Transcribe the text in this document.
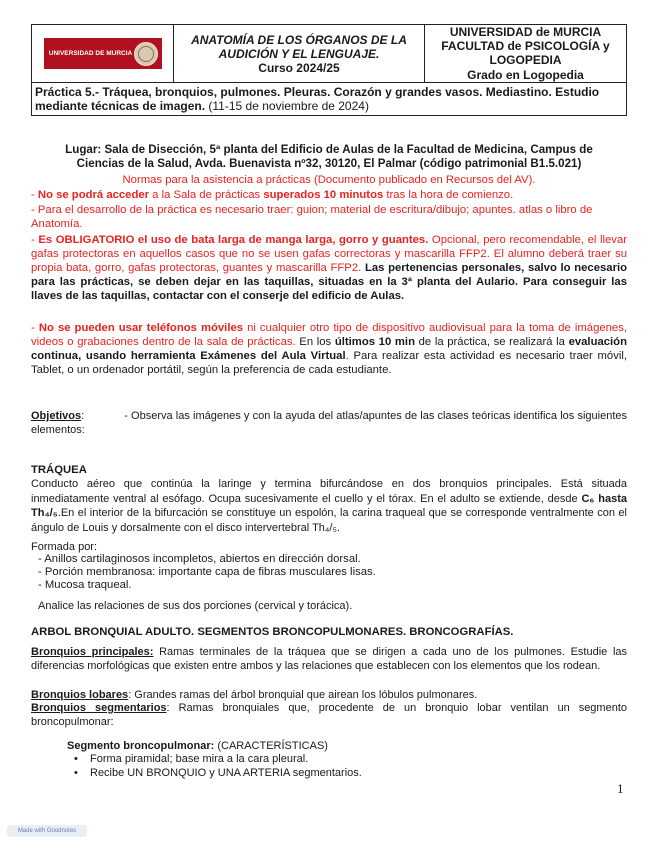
UNIVERSIDAD DE MURCIA

ANATOMÍA DE LOS ÓRGANOS DE LA AUDICIÓN Y EL LENGUAJE.
Curso 2024/25	
UNIVERSIDAD de MURCIA
FACULTAD de PSICOLOGÍA y LOGOPEDIA
Grado en Logopedia

Práctica 5.- Tráquea, bronquios, pulmones. Pleuras. Corazón y grandes vasos. Mediastino. Estudio mediante técnicas de imagen. (11-15 de noviembre de 2024)
Lugar: Sala de Disección, 5ª planta del Edificio de Aulas de la Facultad de Medicina, Campus de Ciencias de la Salud, Avda. Buenavista nº32, 30120, El Palmar (código patrimonial B1.5.021)
Normas para la asistencia a prácticas (Documento publicado en Recursos del AV).
- No se podrá acceder a la Sala de prácticas superados 10 minutos tras la hora de comienzo.
- Para el desarrollo de la práctica es necesario traer: guion; material de escritura/dibujo; apuntes. atlas o libro de Anatomía.
- Es OBLIGATORIO el uso de bata larga de manga larga, gorro y guantes. Opcional, pero recomendable, el llevar gafas protectoras en aquellos casos que no se usen gafas correctoras y mascarilla FFP2. El alumno deberá traer su propia bata, gorro, gafas protectoras, guantes y mascarilla FFP2. Las pertenencias personales, salvo lo necesario para las prácticas, se deben dejar en las taquillas, situadas en la 3ª planta del Aulario. Para conseguir las llaves de las taquillas, contactar con el conserje del edificio de Aulas.
- No se pueden usar teléfonos móviles ni cualquier otro tipo de dispositivo audiovisual para la toma de imágenes, videos o grabaciones dentro de la sala de prácticas. En los últimos 10 min de la práctica, se realizará la evaluación continua, usando herramienta Exámenes del Aula Virtual. Para realizar esta actividad es necesario traer móvil, Tablet, o un ordenador portátil, según la preferencia de cada estudiante.
Objetivos:	- Observa las imágenes y con la ayuda del atlas/apuntes de las clases teóricas identifica los siguientes elementos:
TRÁQUEA
Conducto aéreo que continúa la laringe y termina bifurcándose en dos bronquios principales. Está situada inmediatamente ventral al esófago. Ocupa sucesivamente el cuello y el tórax. En el adulto se extiende, desde C₆ hasta Th₄/₅.En el interior de la bifurcación se constituye un espolón, la carina traqueal que se corresponde ventralmente con el ángulo de Louis y dorsalmente con el disco intervertebral Th₄/₅.
Formada por:
- Anillos cartilaginosos incompletos, abiertos en dirección dorsal.
- Porción membranosa: importante capa de fibras musculares lisas.
- Mucosa traqueal.
Analice las relaciones de sus dos porciones (cervical y torácica).
ARBOL BRONQUIAL ADULTO. SEGMENTOS BRONCOPULMONARES. BRONCOGRAFÍAS.
Bronquios principales: Ramas terminales de la tráquea que se dirigen a cada uno de los pulmones. Estudie las diferencias morfológicas que existen entre ambos y las relaciones que establecen con los elementos que los rodean.
Bronquios lobares: Grandes ramas del árbol bronquial que airean los lóbulos pulmonares.
Bronquios segmentarios: Ramas bronquiales que, procedente de un bronquio lobar ventilan un segmento broncopulmonar:
Segmento broncopulmonar: (CARACTERÍSTICAS)
• Forma piramidal; base mira a la cara pleural.
• Recibe UN BRONQUIO y UNA ARTERIA segmentarios.
1
Made with Goodnotes
